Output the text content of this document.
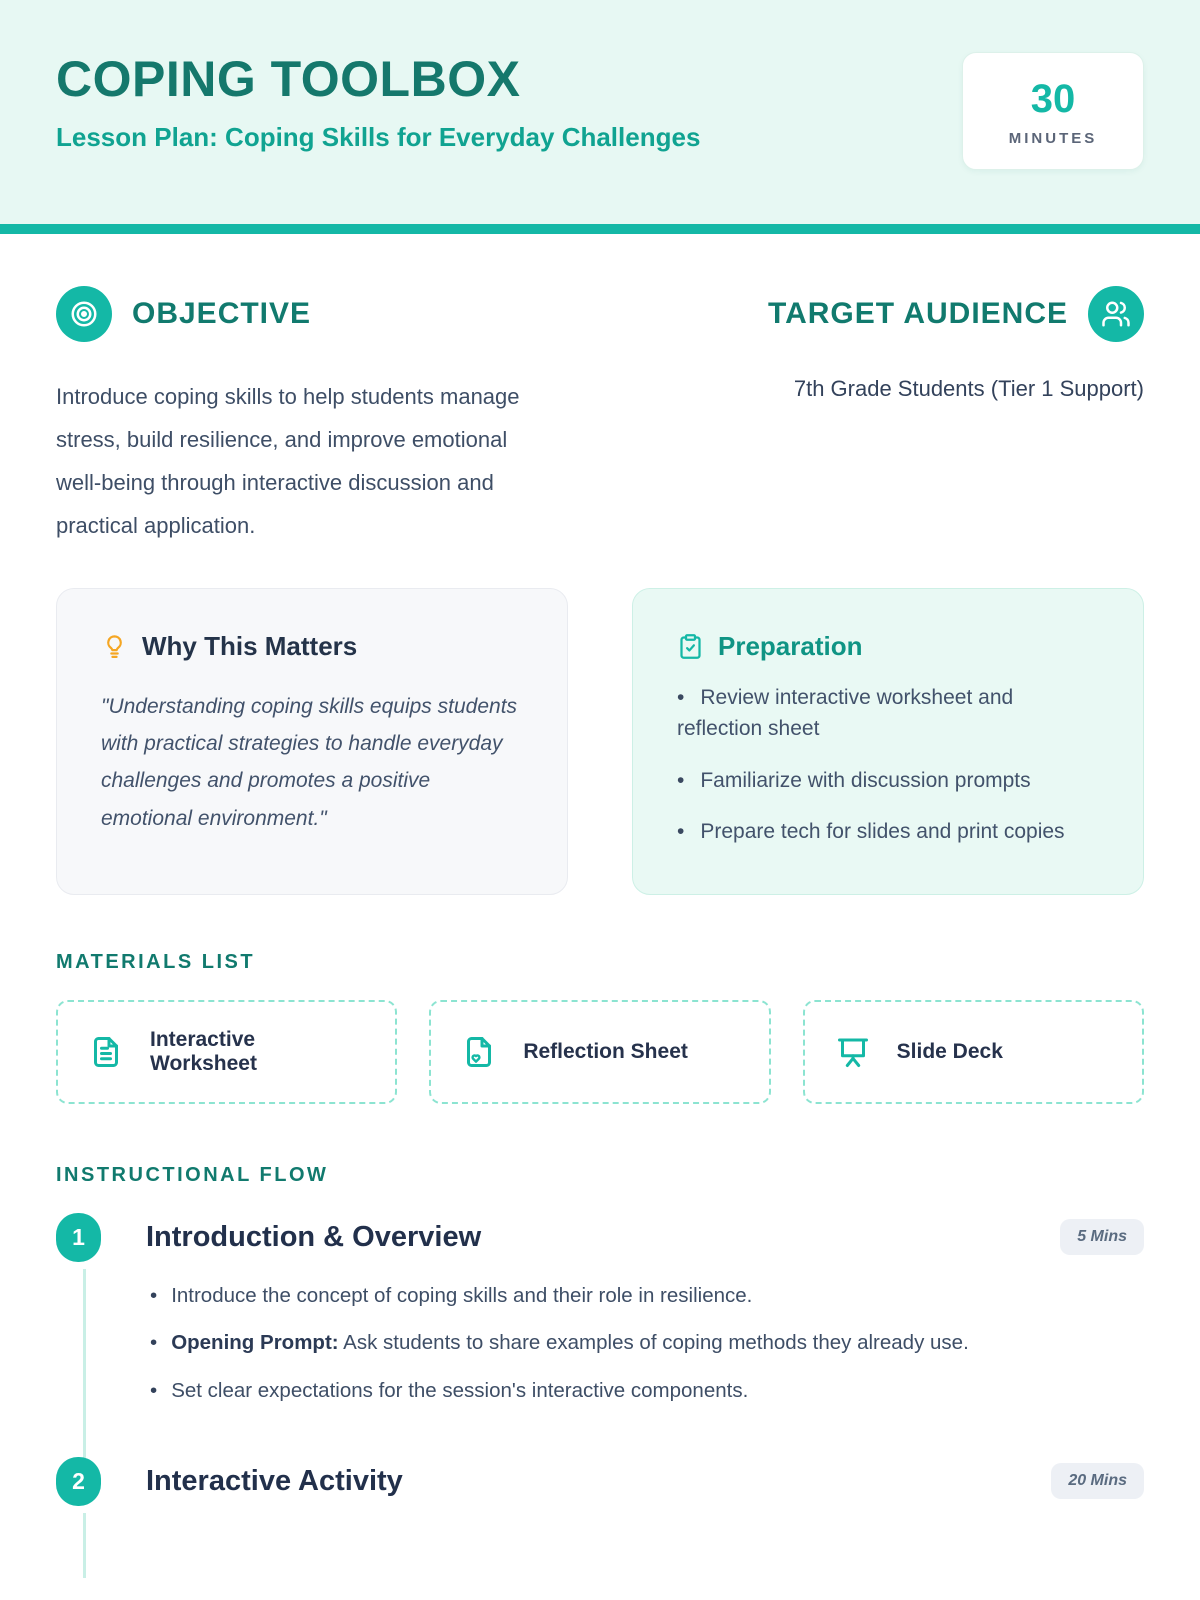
COPING TOOLBOX
Lesson Plan: Coping Skills for Everyday Challenges
30
MINUTES
OBJECTIVE	TARGET AUDIENCE

Introduce coping skills to help students manage stress, build resilience, and improve emotional well-being through interactive discussion and practical application.

7th Grade Students (Tier 1 Support)

Why This Matters

"Understanding coping skills equips students with practical strategies to handle everyday challenges and promotes a positive emotional environment."

Preparation
• Review interactive worksheet and reflection sheet
• Familiarize with discussion prompts
• Prepare tech for slides and print copies
MATERIALS LIST
Interactive Worksheet
Reflection Sheet	Slide Deck
INSTRUCTIONAL FLOW
1	Introduction & Overview	5 Mins
• Introduce the concept of coping skills and their role in resilience.
• Opening Prompt: Ask students to share examples of coping methods they already use.
• Set clear expectations for the session's interactive components.
2	Interactive Activity	20 Mins
